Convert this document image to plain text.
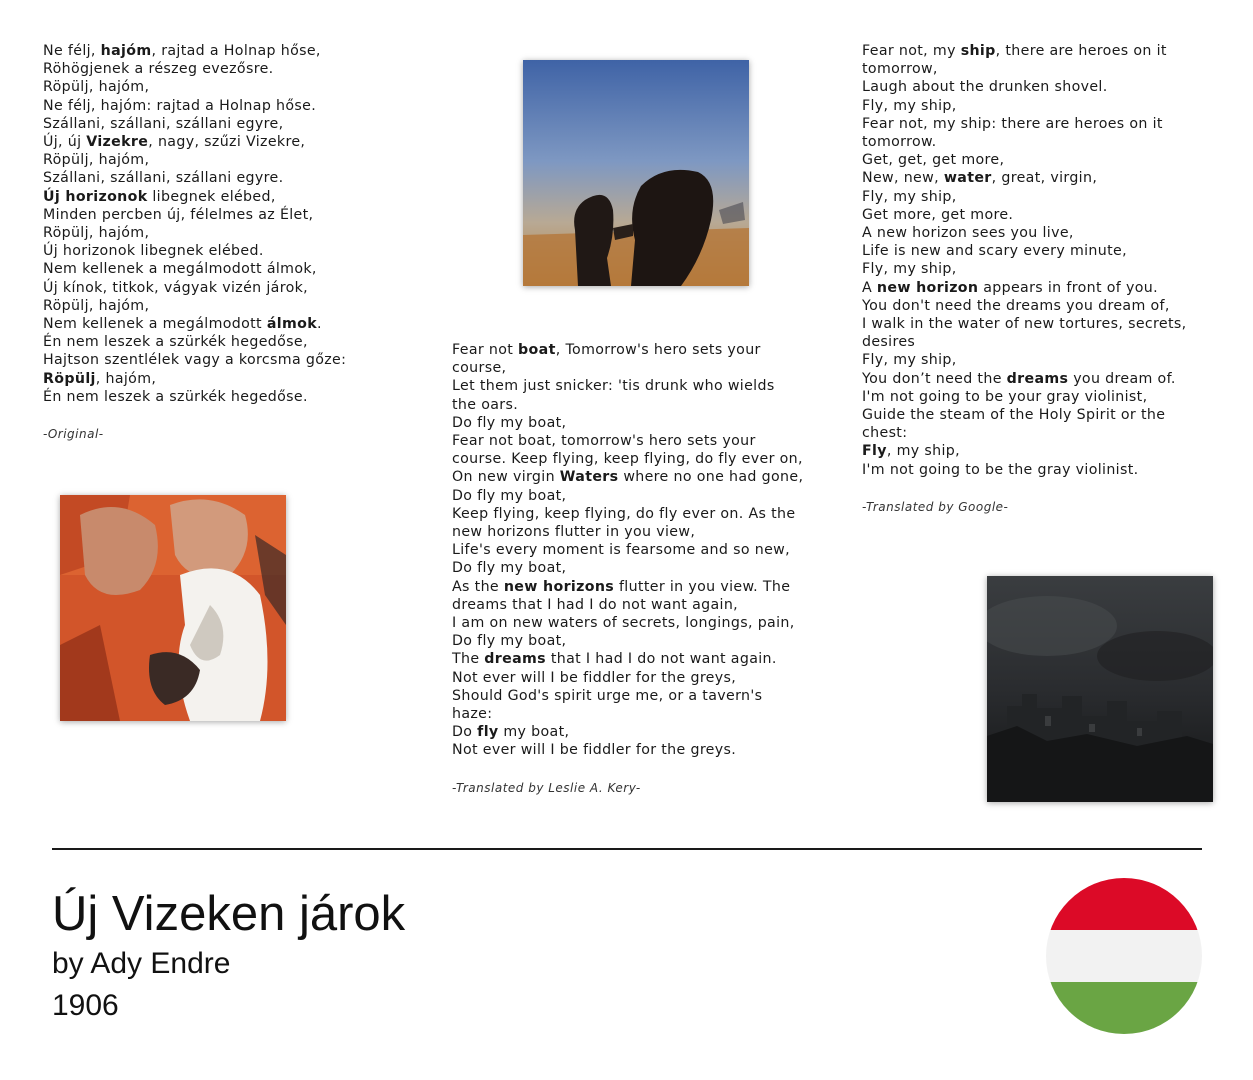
Ne félj, hajóm, rajtad a Holnap hőse,
Röhögjenek a részeg evezősre.
Röpülj, hajóm,
Ne félj, hajóm: rajtad a Holnap hőse.
Szállani, szállani, szállani egyre,
Új, új Vizekre, nagy, szűzi Vizekre,
Röpülj, hajóm,
Szállani, szállani, szállani egyre.
Új horizonok libegnek elébed,
Minden percben új, félelmes az Élet,
Röpülj, hajóm,
Új horizonok libegnek elébed.
Nem kellenek a megálmodott álmok,
Új kínok, titkok, vágyak vizén járok,
Röpülj, hajóm,
Nem kellenek a megálmodott álmok.
Én nem leszek a szürkék hegedőse,
Hajtson szentlélek vagy a korcsma gőze:
Röpülj, hajóm,
Én nem leszek a szürkék hegedőse.
-Original-
Fear not boat, Tomorrow's hero sets your
course,
Let them just snicker: 'tis drunk who wields
the oars.
Do fly my boat,
Fear not boat, tomorrow's hero sets your
course. Keep flying, keep flying, do fly ever on,
On new virgin Waters where no one had gone,
Do fly my boat,
Keep flying, keep flying, do fly ever on. As the
new horizons flutter in you view,
Life's every moment is fearsome and so new,
Do fly my boat,
As the new horizons flutter in you view. The
dreams that I had I do not want again,
I am on new waters of secrets, longings, pain,
Do fly my boat,
The dreams that I had I do not want again.
Not ever will I be fiddler for the greys,
Should God's spirit urge me, or a tavern's
haze:
Do fly my boat,
Not ever will I be fiddler for the greys.
-Translated by Leslie A. Kery-
Fear not, my ship, there are heroes on it
tomorrow,
Laugh about the drunken shovel.
Fly, my ship,
Fear not, my ship: there are heroes on it
tomorrow.
Get, get, get more,
New, new, water, great, virgin,
Fly, my ship,
Get more, get more.
A new horizon sees you live,
Life is new and scary every minute,
Fly, my ship,
A new horizon appears in front of you.
You don't need the dreams you dream of,
I walk in the water of new tortures, secrets,
desires
Fly, my ship,
You don’t need the dreams you dream of.
I'm not going to be your gray violinist,
Guide the steam of the Holy Spirit or the
chest:
Fly, my ship,
I'm not going to be the gray violinist.
-Translated by Google-
Új Vizeken járok
by Ady Endre
1906
